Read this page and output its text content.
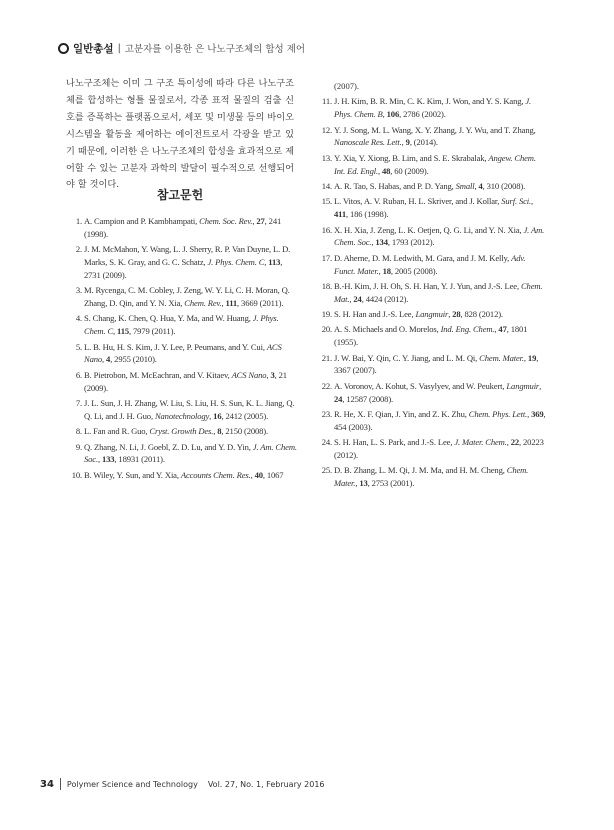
일반총설 | 고분자를 이용한 은 나노구조체의 합성 제어
나노구조체는 이미 그 구조 특이성에 따라 다른 나노구조체를 합성하는 형틀 물질로서, 각종 표적 물질의 검출 신호를 증폭하는 플랫폼으로서, 세포 및 미생물 등의 바이오 시스템을 활동을 제어하는 에이전트로서 각광을 받고 있기 때문에, 이러한 은 나노구조체의 합성을 효과적으로 제어할 수 있는 고분자 과학의 발달이 필수적으로 선행되어야 할 것이다.
참고문헌
1. A. Campion and P. Kambhampati, Chem. Soc. Rev., 27, 241 (1998).
2. J. M. McMahon, Y. Wang, L. J. Sherry, R. P. Van Duyne, L. D. Marks, S. K. Gray, and G. C. Schatz, J. Phys. Chem. C, 113, 2731 (2009).
3. M. Rycenga, C. M. Cobley, J. Zeng, W. Y. Li, C. H. Moran, Q. Zhang, D. Qin, and Y. N. Xia, Chem. Rev., 111, 3669 (2011).
4. S. Chang, K. Chen, Q. Hua, Y. Ma, and W. Huang, J. Phys. Chem. C, 115, 7979 (2011).
5. L. B. Hu, H. S. Kim, J. Y. Lee, P. Peumans, and Y. Cui, ACS Nano, 4, 2955 (2010).
6. B. Pietrobon, M. McEachran, and V. Kitaev, ACS Nano, 3, 21 (2009).
7. J. L. Sun, J. H. Zhang, W. Liu, S. Liu, H. S. Sun, K. L. Jiang, Q. Q. Li, and J. H. Guo, Nanotechnology, 16, 2412 (2005).
8. L. Fan and R. Guo, Cryst. Growth Des., 8, 2150 (2008).
9. Q. Zhang, N. Li, J. Goebl, Z. D. Lu, and Y. D. Yin, J. Am. Chem. Soc., 133, 18931 (2011).
10. B. Wiley, Y. Sun, and Y. Xia, Accounts Chem. Res., 40, 1067
(2007).
11. J. H. Kim, B. R. Min, C. K. Kim, J. Won, and Y. S. Kang, J. Phys. Chem. B, 106, 2786 (2002).
12. Y. J. Song, M. L. Wang, X. Y. Zhang, J. Y. Wu, and T. Zhang, Nanoscale Res. Lett., 9, (2014).
13. Y. Xia, Y. Xiong, B. Lim, and S. E. Skrabalak, Angew. Chem. Int. Ed. Engl., 48, 60 (2009).
14. A. R. Tao, S. Habas, and P. D. Yang, Small, 4, 310 (2008).
15. L. Vitos, A. V. Ruban, H. L. Skriver, and J. Kollar, Surf. Sci., 411, 186 (1998).
16. X. H. Xia, J. Zeng, L. K. Oetjen, Q. G. Li, and Y. N. Xia, J. Am. Chem. Soc., 134, 1793 (2012).
17. D. Aherne, D. M. Ledwith, M. Gara, and J. M. Kelly, Adv. Funct. Mater., 18, 2005 (2008).
18. B.-H. Kim, J. H. Oh, S. H. Han, Y. J. Yun, and J.-S. Lee, Chem. Mat., 24, 4424 (2012).
19. S. H. Han and J.-S. Lee, Langmuir, 28, 828 (2012).
20. A. S. Michaels and O. Morelos, Ind. Eng. Chem., 47, 1801 (1955).
21. J. W. Bai, Y. Qin, C. Y. Jiang, and L. M. Qi, Chem. Mater., 19, 3367 (2007).
22. A. Voronov, A. Kohut, S. Vasylyev, and W. Peukert, Langmuir, 24, 12587 (2008).
23. R. He, X. F. Qian, J. Yin, and Z. K. Zhu, Chem. Phys. Lett., 369, 454 (2003).
24. S. H. Han, L. S. Park, and J.-S. Lee, J. Mater. Chem., 22, 20223 (2012).
25. D. B. Zhang, L. M. Qi, J. M. Ma, and H. M. Cheng, Chem. Mater., 13, 2753 (2001).
34 Polymer Science and Technology Vol. 27, No. 1, February 2016
